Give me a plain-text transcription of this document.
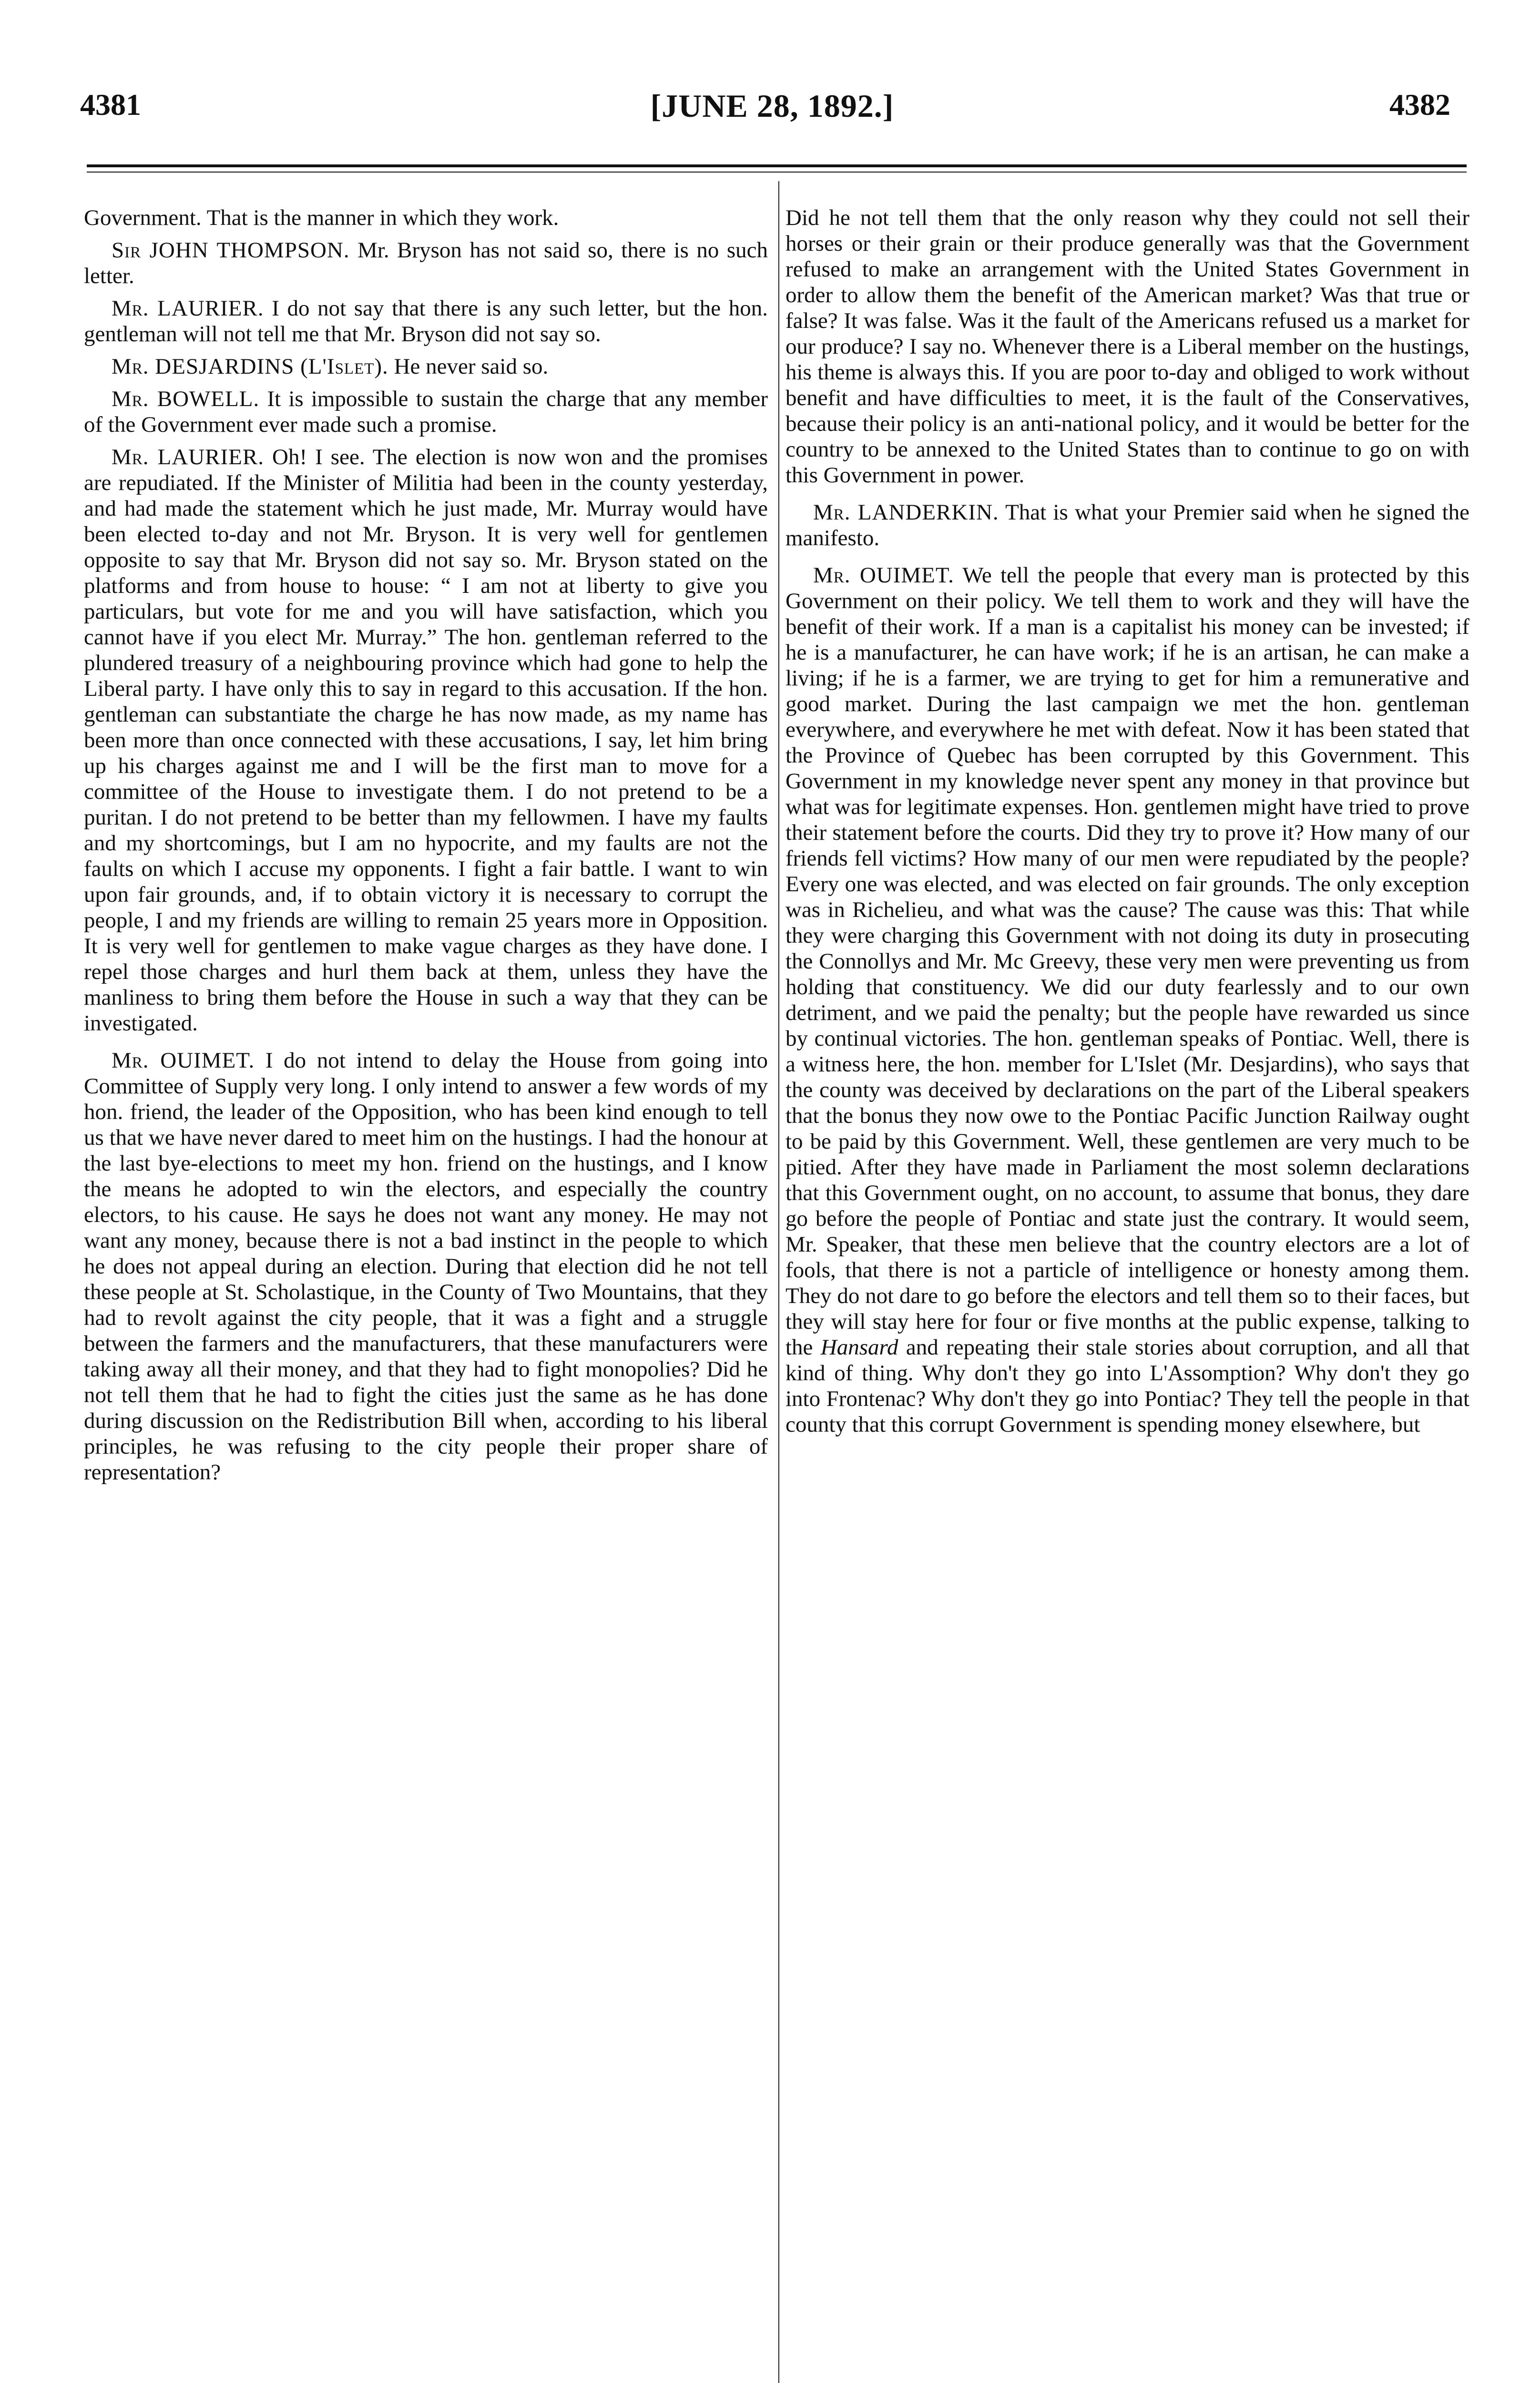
4381	[JUNE 28, 1892.]	4382

Government. That is the manner in which they work.

Sir JOHN THOMPSON. Mr. Bryson has not said so, there is no such letter.

Mr. LAURIER. I do not say that there is any such letter, but the hon. gentleman will not tell me that Mr. Bryson did not say so.

Mr. DESJARDINS (L'Islet). He never said so.

Mr. BOWELL. It is impossible to sustain the charge that any member of the Government ever made such a promise.

Mr. LAURIER. Oh! I see. The election is now won and the promises are repudiated. If the Minister of Militia had been in the county yesterday, and had made the statement which he just made, Mr. Murray would have been elected to-day and not Mr. Bryson. It is very well for gentlemen opposite to say that Mr. Bryson did not say so. Mr. Bryson stated on the platforms and from house to house: “ I am not at liberty to give you particulars, but vote for me and you will have satisfaction, which you cannot have if you elect Mr. Murray.” The hon. gentleman referred to the plundered treasury of a neighbouring province which had gone to help the Liberal party. I have only this to say in regard to this accusation. If the hon. gentleman can substantiate the charge he has now made, as my name has been more than once connected with these accusations, I say, let him bring up his charges against me and I will be the first man to move for a committee of the House to investigate them. I do not pretend to be a puritan. I do not pretend to be better than my fellowmen. I have my faults and my shortcomings, but I am no hypocrite, and my faults are not the faults on which I accuse my opponents. I fight a fair battle. I want to win upon fair grounds, and, if to obtain victory it is necessary to corrupt the people, I and my friends are willing to remain 25 years more in Opposition. It is very well for gentlemen to make vague charges as they have done. I repel those charges and hurl them back at them, unless they have the manliness to bring them before the House in such a way that they can be investigated.

Mr. OUIMET. I do not intend to delay the House from going into Committee of Supply very long. I only intend to answer a few words of my hon. friend, the leader of the Opposition, who has been kind enough to tell us that we have never dared to meet him on the hustings. I had the honour at the last bye-elections to meet my hon. friend on the hustings, and I know the means he adopted to win the electors, and especially the country electors, to his cause. He says he does not want any money. He may not want any money, because there is not a bad instinct in the people to which he does not appeal during an election. During that election did he not tell these people at St. Scholastique, in the County of Two Mountains, that they had to revolt against the city people, that it was a fight and a struggle between the farmers and the manufacturers, that these manufacturers were taking away all their money, and that they had to fight monopolies? Did he not tell them that he had to fight the cities just the same as he has done during discussion on the Redistribution Bill when, according to his liberal principles, he was refusing to the city people their proper share of representation?

Did he not tell them that the only reason why they could not sell their horses or their grain or their produce generally was that the Government refused to make an arrangement with the United States Government in order to allow them the benefit of the American market? Was that true or false? It was false. Was it the fault of the Americans refused us a market for our produce? I say no. Whenever there is a Liberal member on the hustings, his theme is always this. If you are poor to-day and obliged to work without benefit and have difficulties to meet, it is the fault of the Conservatives, because their policy is an anti-national policy, and it would be better for the country to be annexed to the United States than to continue to go on with this Government in power.

Mr. LANDERKIN. That is what your Premier said when he signed the manifesto.

Mr. OUIMET. We tell the people that every man is protected by this Government on their policy. We tell them to work and they will have the benefit of their work. If a man is a capitalist his money can be invested; if he is a manufacturer, he can have work; if he is an artisan, he can make a living; if he is a farmer, we are trying to get for him a remunerative and good market. During the last campaign we met the hon. gentleman everywhere, and everywhere he met with defeat. Now it has been stated that the Province of Quebec has been corrupted by this Government. This Government in my knowledge never spent any money in that province but what was for legitimate expenses. Hon. gentlemen might have tried to prove their statement before the courts. Did they try to prove it? How many of our friends fell victims? How many of our men were repudiated by the people? Every one was elected, and was elected on fair grounds. The only exception was in Richelieu, and what was the cause? The cause was this: That while they were charging this Government with not doing its duty in prosecuting the Connollys and Mr. Mc Greevy, these very men were preventing us from holding that constituency. We did our duty fearlessly and to our own detriment, and we paid the penalty; but the people have rewarded us since by continual victories. The hon. gentleman speaks of Pontiac. Well, there is a witness here, the hon. member for L'Islet (Mr. Desjardins), who says that the county was deceived by declarations on the part of the Liberal speakers that the bonus they now owe to the Pontiac Pacific Junction Railway ought to be paid by this Government. Well, these gentlemen are very much to be pitied. After they have made in Parliament the most solemn declarations that this Government ought, on no account, to assume that bonus, they dare go before the people of Pontiac and state just the contrary. It would seem, Mr. Speaker, that these men believe that the country electors are a lot of fools, that there is not a particle of intelligence or honesty among them. They do not dare to go before the electors and tell them so to their faces, but they will stay here for four or five months at the public expense, talking to the Hansard and repeating their stale stories about corruption, and all that kind of thing. Why don't they go into L'Assomption? Why don't they go into Frontenac? Why don't they go into Pontiac? They tell the people in that county that this corrupt Government is spending money elsewhere, but
